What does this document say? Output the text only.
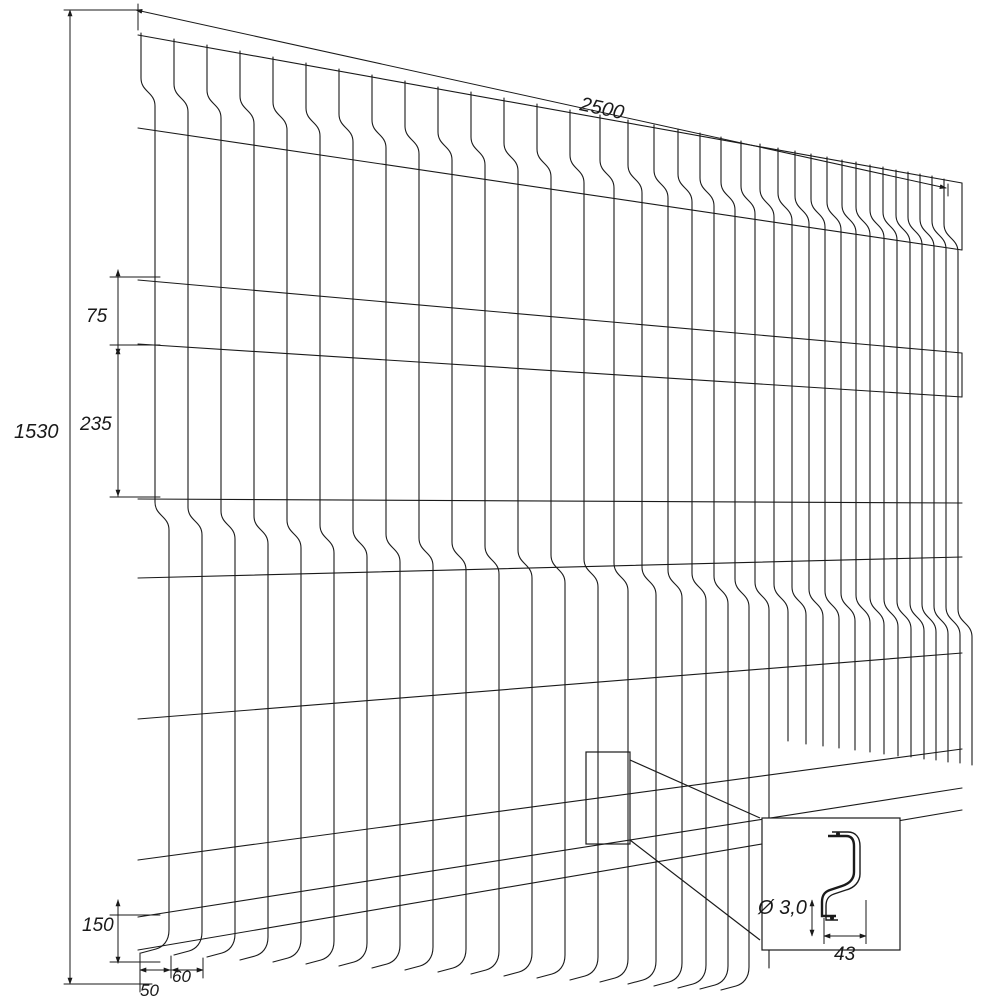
2500
1530
75
235
150
50
60
Ø 3,0
43
